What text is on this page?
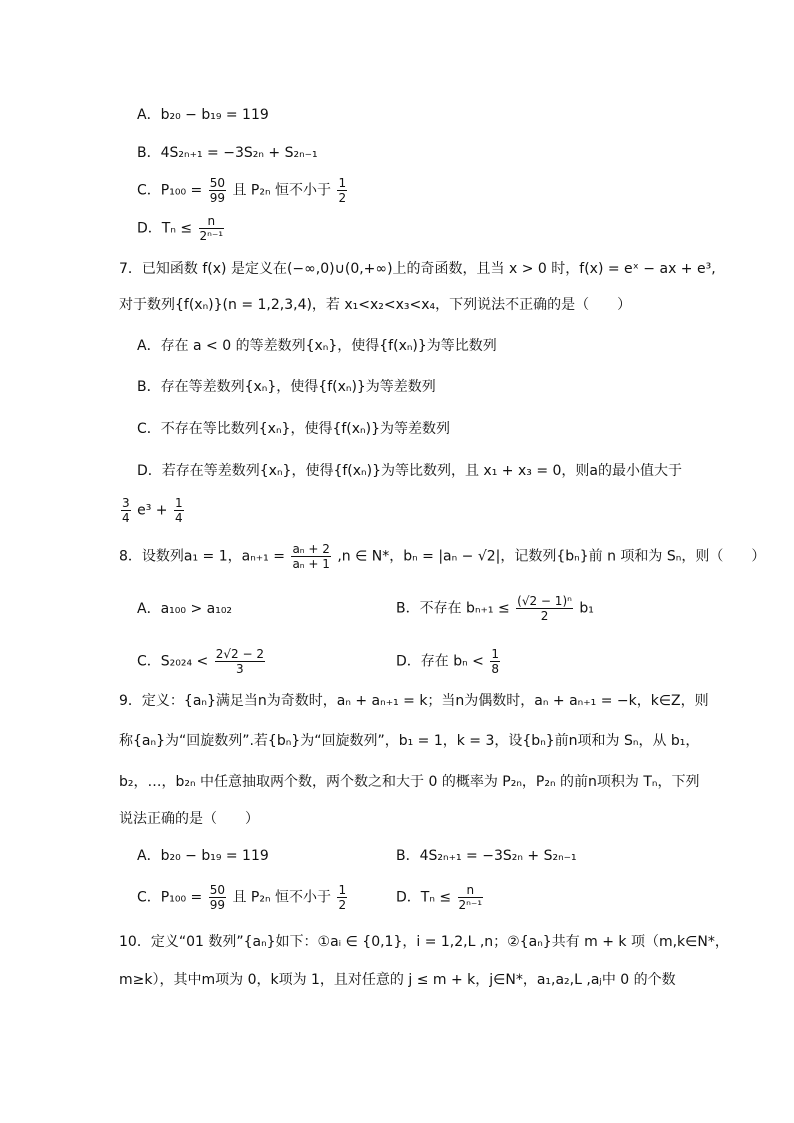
A．b₂₀ − b₁₉ = 119
B．4S₂ₙ₊₁ = −3S₂ₙ + S₂ₙ₋₁
C．$P_{100} = \frac{50}{99}$ 且 P₂ₙ 恒不小于 $\frac{1}{2}$
D．$T_n \le \frac{n}{\text{2ⁿ⁻¹}}$
7．已知函数 f(x) 是定义在(−∞,0)∪(0,+∞)上的奇函数，且当 x > 0 时，f(x) = eˣ − ax + e³,
对于数列{f(xₙ)}(n = 1,2,3,4)，若 x₁<x₂<x₃<x₄，下列说法不正确的是（　　）
A．存在 a < 0 的等差数列{xₙ}，使得{f(xₙ)}为等比数列
B．存在等差数列{xₙ}，使得{f(xₙ)}为等差数列
C．不存在等比数列{xₙ}，使得{f(xₙ)}为等差数列
D．若存在等差数列{xₙ}，使得{f(xₙ)}为等比数列，且 x₁ + x₃ = 0，则a的最小值大于
$\frac{3}{4} e^3 + \frac{1}{4}$
8．设数列a₁ = 1，$a_{n+1} = \frac{\text{aₙ + 2}}{\text{aₙ + 1}} ,n$ ∈ N*，bₙ = |aₙ − √2|，记数列{bₙ}前 n 项和为 Sₙ，则（　　）
A．a₁₀₀ > a₁₀₂	B．不存在 $b_{n+1} \le \frac{\text{(√2 − 1)ⁿ}}{2} b_1$
C．$S_{2024} < \frac{2√2 - 2}{3}$	D．存在 $b_n < \frac{1}{8}$
9．定义：{aₙ}满足当n为奇数时，aₙ + aₙ₊₁ = k；当n为偶数时，aₙ + aₙ₊₁ = −k，k∈Z，则
称{aₙ}为“回旋数列”.若{bₙ}为“回旋数列”，b₁ = 1，k = 3，设{bₙ}前n项和为 Sₙ，从 b₁，
b₂，…，b₂ₙ 中任意抽取两个数，两个数之和大于 0 的概率为 P₂ₙ，P₂ₙ 的前n项积为 Tₙ，下列
说法正确的是（　　）
A．b₂₀ − b₁₉ = 119	B．4S₂ₙ₊₁ = −3S₂ₙ + S₂ₙ₋₁
C．$P_{100} = \frac{50}{99}$ 且 P₂ₙ 恒不小于 $\frac{1}{2}$	D．$T_n \le \frac{n}{\text{2ⁿ⁻¹}}$
10．定义“01 数列”{aₙ}如下：①aᵢ ∈ {0,1}，i = 1,2,L ,n；②{aₙ}共有 m + k 项（m,k∈N*，
m≥k），其中m项为 0，k项为 1，且对任意的 j ≤ m + k，j∈N*，a₁,a₂,L ,aⱼ中 0 的个数
